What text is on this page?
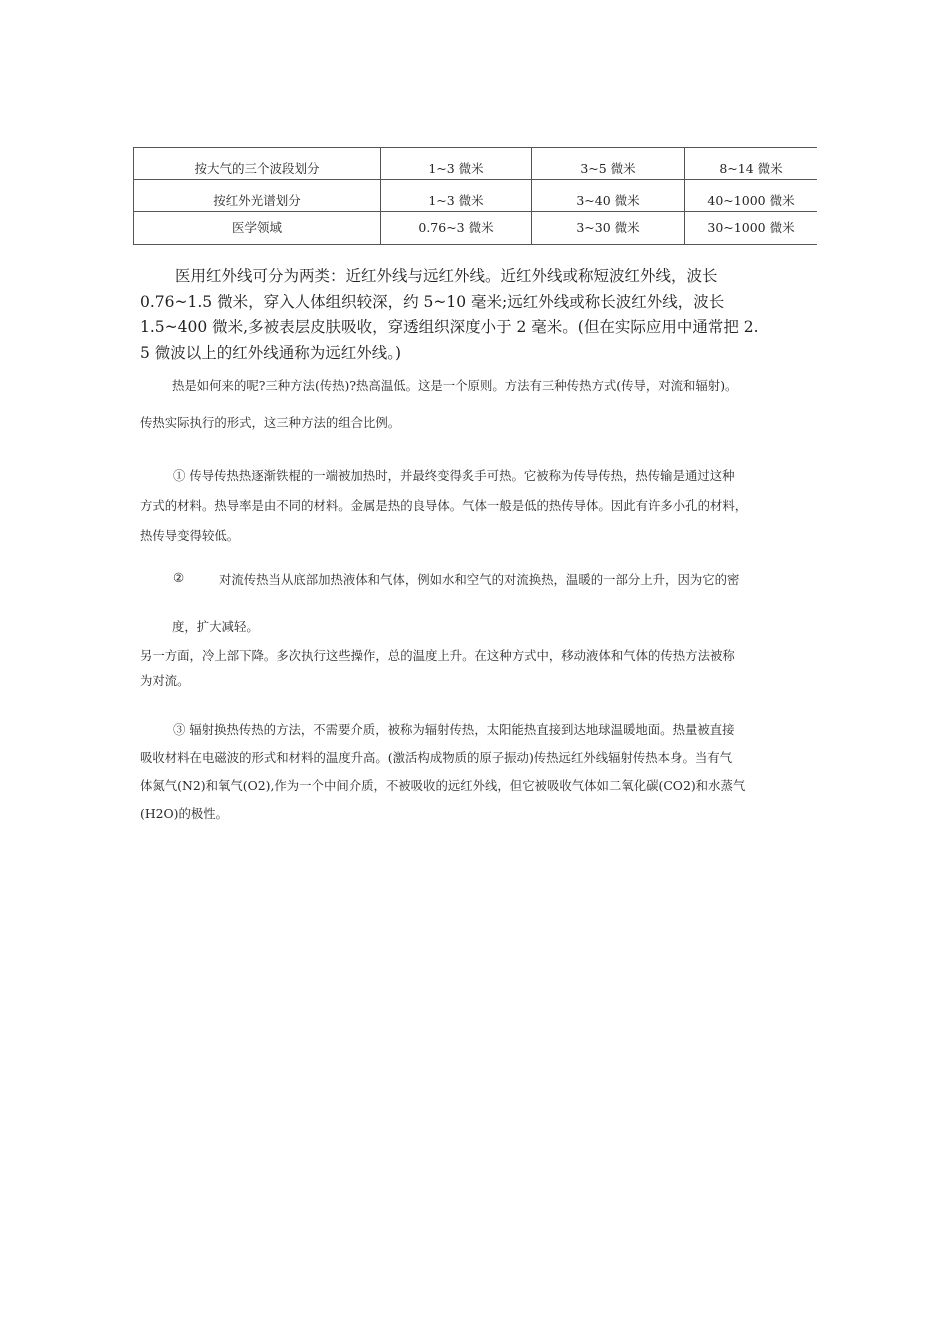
按大气的三个波段划分	1~3 微米	3~5 微米	8~14 微米
按红外光谱划分	1~3 微米	3~40 微米	40~1000 微米
医学领域	0.76~3 微米	3~30 微米	30~1000 微米
医用红外线可分为两类：近红外线与远红外线。近红外线或称短波红外线，波长
0.76~1.5 微米，穿入人体组织较深，约 5~10 毫米;远红外线或称长波红外线，波长
1.5~400 微米,多被表层皮肤吸收，穿透组织深度小于 2 毫米。(但在实际应用中通常把 2.
5 微波以上的红外线通称为远红外线。)
热是如何来的呢?三种方法(传热)?热高温低。这是一个原则。方法有三种传热方式(传导，对流和辐射)。
传热实际执行的形式，这三种方法的组合比例。
① 传导传热热逐渐铁棍的一端被加热时，并最终变得炙手可热。它被称为传导传热，热传输是通过这种
方式的材料。热导率是由不同的材料。金属是热的良导体。气体一般是低的热传导体。因此有许多小孔的材料，
热传导变得较低。
②	对流传热当从底部加热液体和气体，例如水和空气的对流换热，温暖的一部分上升，因为它的密
度，扩大减轻。
另一方面，冷上部下降。多次执行这些操作，总的温度上升。在这种方式中，移动液体和气体的传热方法被称
为对流。
③ 辐射换热传热的方法，不需要介质，被称为辐射传热，太阳能热直接到达地球温暖地面。热量被直接
吸收材料在电磁波的形式和材料的温度升高。(激活构成物质的原子振动)传热远红外线辐射传热本身。当有气
体氮气(N2)和氧气(O2),作为一个中间介质，不被吸收的远红外线，但它被吸收气体如二氧化碳(CO2)和水蒸气
(H2O)的极性。
